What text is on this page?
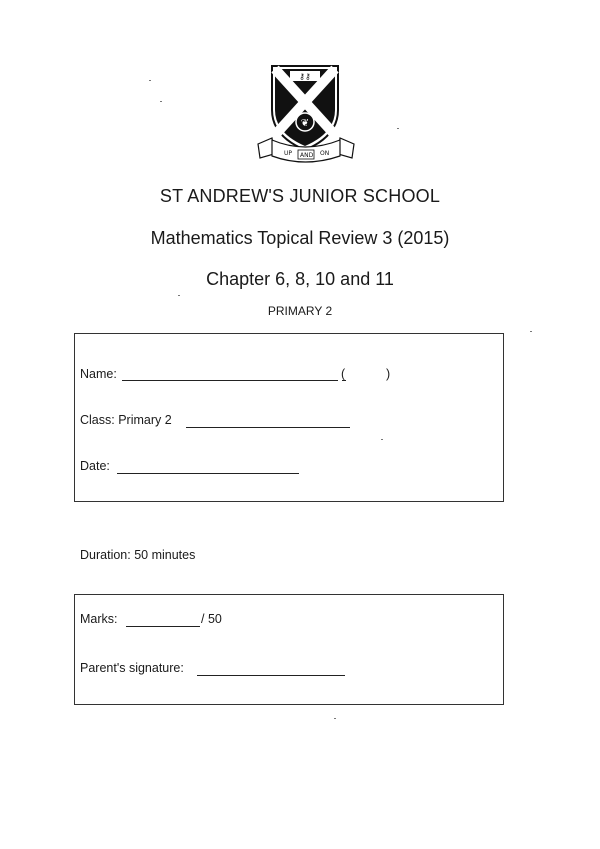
⚷⚷
❦
UP AND ON
ST ANDREW'S JUNIOR SCHOOL
Mathematics Topical Review 3 (2015)
Chapter 6, 8, 10 and 11
PRIMARY 2
Name:	(	)
Class: Primary 2
Date:
Duration: 50 minutes
Marks:	/ 50
Parent's signature:
